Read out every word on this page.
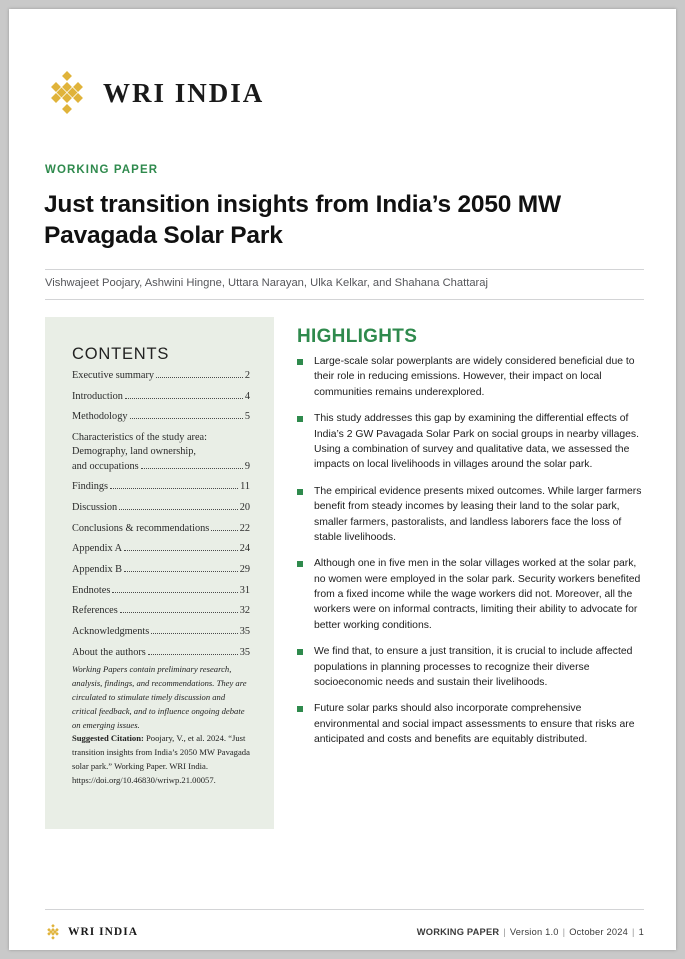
WRI INDIA
WORKING PAPER
Just transition insights from India’s 2050 MW Pavagada Solar Park
Vishwajeet Poojary, Ashwini Hingne, Uttara Narayan, Ulka Kelkar, and Shahana Chattaraj
CONTENTS
Executive summary	2
Introduction	4
Methodology	5
Characteristics of the study area: Demography, land ownership,
and occupations	9
Findings	11
Discussion	20
Conclusions & recommendations	22
Appendix A	24
Appendix B	29
Endnotes	31
References	32
Acknowledgments	35
About the authors	35
Working Papers contain preliminary research, analysis, findings, and recommendations. They are circulated to stimulate timely discussion and critical feedback, and to influence ongoing debate on emerging issues.
Suggested Citation: Poojary, V., et al. 2024. “Just transition insights from India’s 2050 MW Pavagada solar park.” Working Paper. WRI India. https://doi.org/10.46830/wriwp.21.00057.
HIGHLIGHTS
Large-scale solar powerplants are widely considered beneficial due to their role in reducing emissions. However, their impact on local communities remains underexplored.
This study addresses this gap by examining the differential effects of India’s 2 GW Pavagada Solar Park on social groups in nearby villages. Using a combination of survey and qualitative data, we assessed the impacts on local livelihoods in villages around the solar park.
The empirical evidence presents mixed outcomes. While larger farmers benefit from steady incomes by leasing their land to the solar park, smaller farmers, pastoralists, and landless laborers face the loss of stable livelihoods.
Although one in five men in the solar villages worked at the solar park, no women were employed in the solar park. Security workers benefited from a fixed income while the wage workers did not. Moreover, all the workers were on informal contracts, limiting their ability to advocate for better working conditions.
We find that, to ensure a just transition, it is crucial to include affected populations in planning processes to recognize their diverse socioeconomic needs and sustain their livelihoods.
Future solar parks should also incorporate comprehensive environmental and social impact assessments to ensure that risks are anticipated and costs and benefits are equitably distributed.
WRI INDIA	WORKING PAPER | Version 1.0 | October 2024 | 1
